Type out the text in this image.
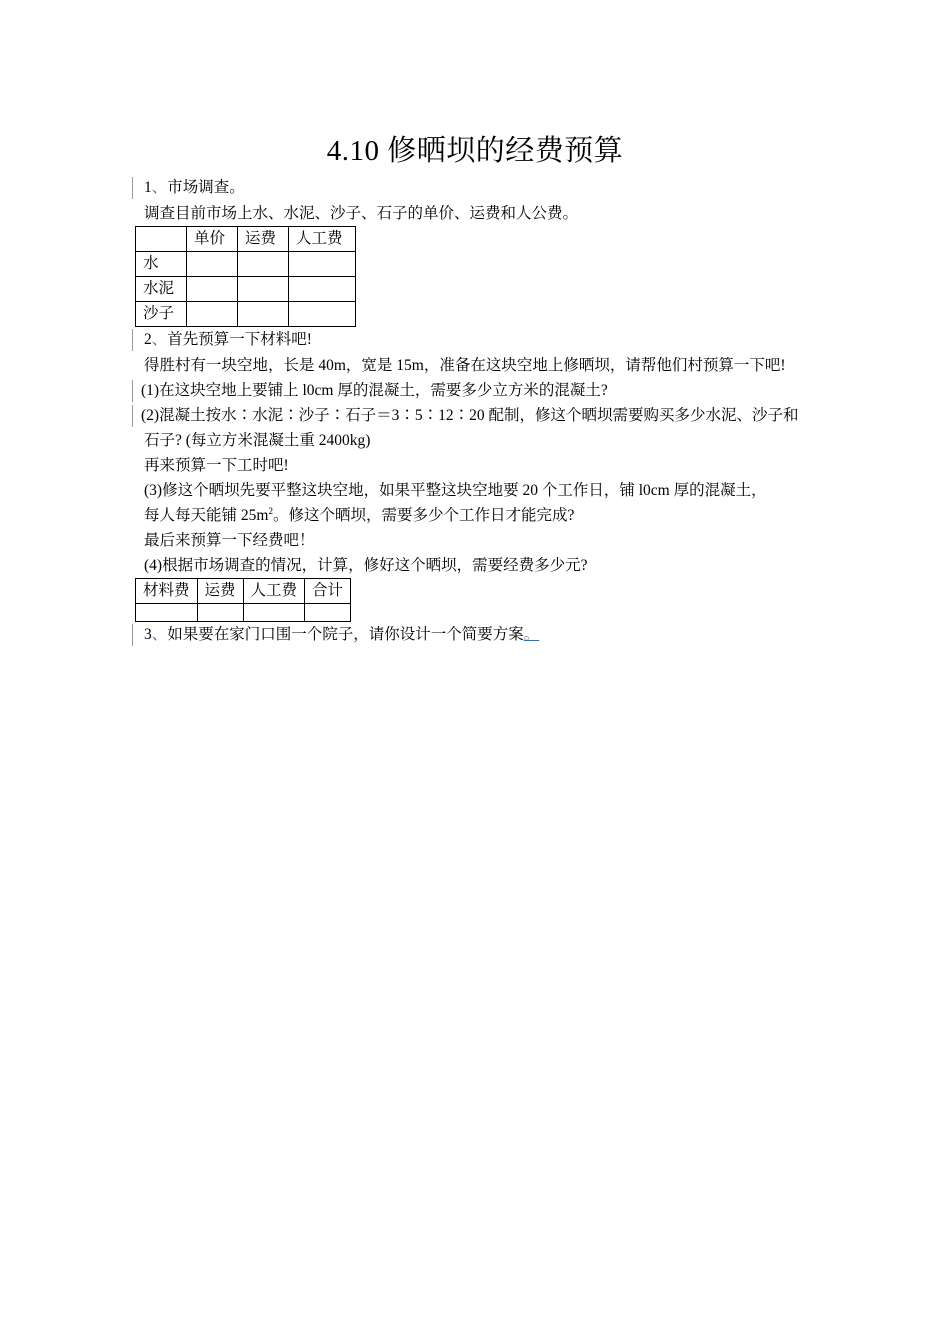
4.10 修晒坝的经费预算
1、市场调查。
调查目前市场上水、水泥、沙子、石子的单价、运费和人公费。
	单价	运费	人工费
水			
水泥			
沙子			
2、首先预算一下材料吧!
得胜村有一块空地，长是 40m，宽是 15m，准备在这块空地上修晒坝，请帮他们村预算一下吧!
(1)在这块空地上要铺上 l0cm 厚的混凝土，需要多少立方米的混凝土?
(2)混凝土按水∶水泥∶沙子∶石子＝3∶5∶12∶20 配制，修这个晒坝需要购买多少水泥、沙子和
石子? (每立方米混凝土重 2400kg)
再来预算一下工时吧!
(3)修这个晒坝先要平整这块空地，如果平整这块空地要 20 个工作日，铺 l0cm 厚的混凝土，
每人每天能铺 $25m^2$。修这个晒坝，需要多少个工作日才能完成?
最后来预算一下经费吧！
(4)根据市场调查的情况，计算，修好这个晒坝，需要经费多少元?
材料费	运费	人工费	合计

3、如果要在家门口围一个院子，请你设计一个简要方案。
